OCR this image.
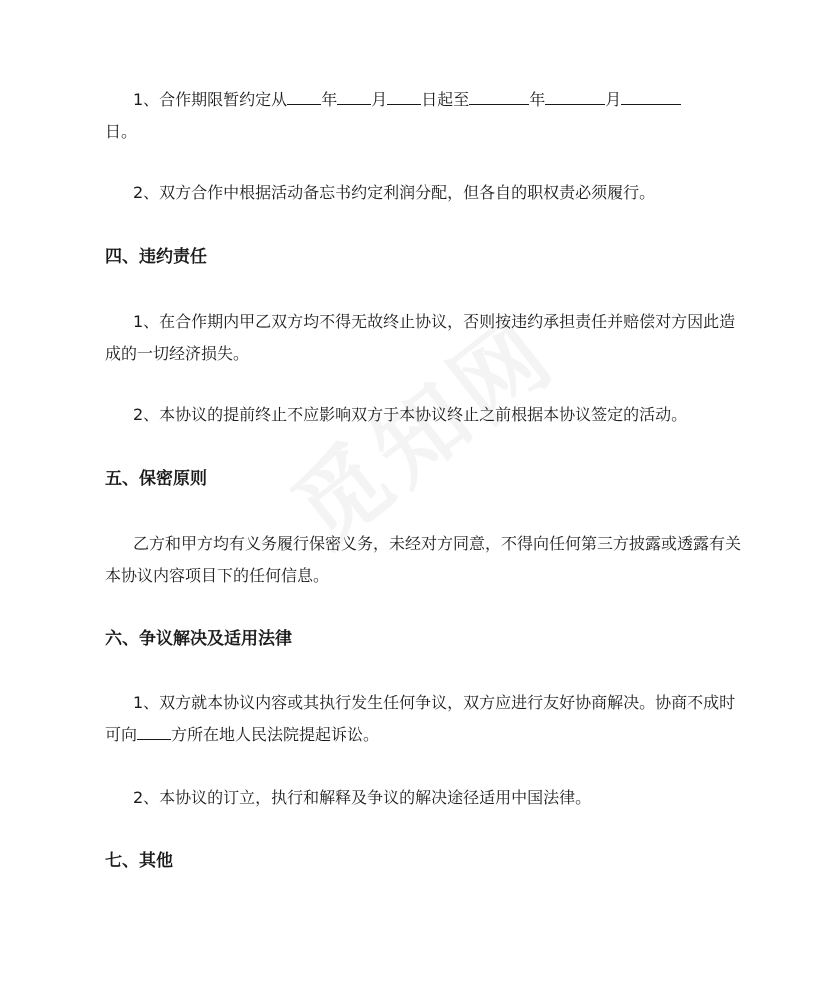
1、合作期限暂约定从 年 月 日起至	年	月
日。
2、双方合作中根据活动备忘书约定利润分配，但各自的职权责必须履行。
四、违约责任
1、在合作期内甲乙双方均不得无故终止协议，否则按违约承担责任并赔偿对方因此造
成的一切经济损失。
2、本协议的提前终止不应影响双方于本协议终止之前根据本协议签定的活动。
五、保密原则
乙方和甲方均有义务履行保密义务，未经对方同意，不得向任何第三方披露或透露有关
本协议内容项目下的任何信息。
六、争议解决及适用法律
1、双方就本协议内容或其执行发生任何争议，双方应进行友好协商解决。协商不成时
可向 方所在地人民法院提起诉讼。
2、本协议的订立，执行和解释及争议的解决途径适用中国法律。
七、其他
